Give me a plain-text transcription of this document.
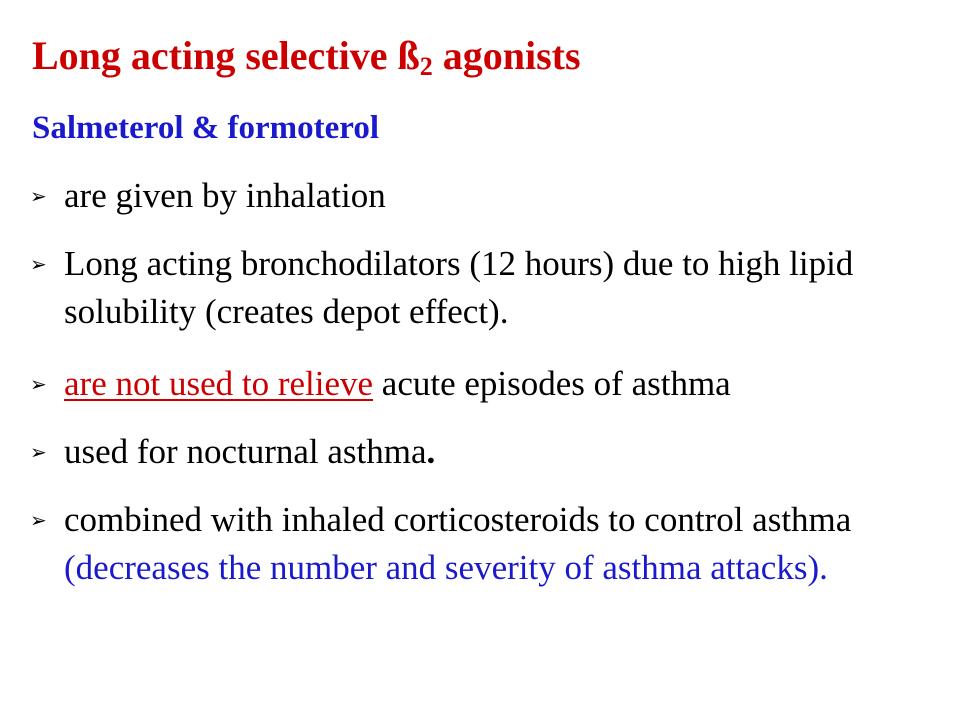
Long acting selective $ß_2$ agonists
Salmeterol & formoterol
➢ are given by inhalation
➢ Long acting bronchodilators (12 hours) due to high lipid solubility (creates depot effect).
➢ are not used to relieve acute episodes of asthma
➢ used for nocturnal asthma.
➢ combined with inhaled corticosteroids to control asthma (decreases the number and severity of asthma attacks).
